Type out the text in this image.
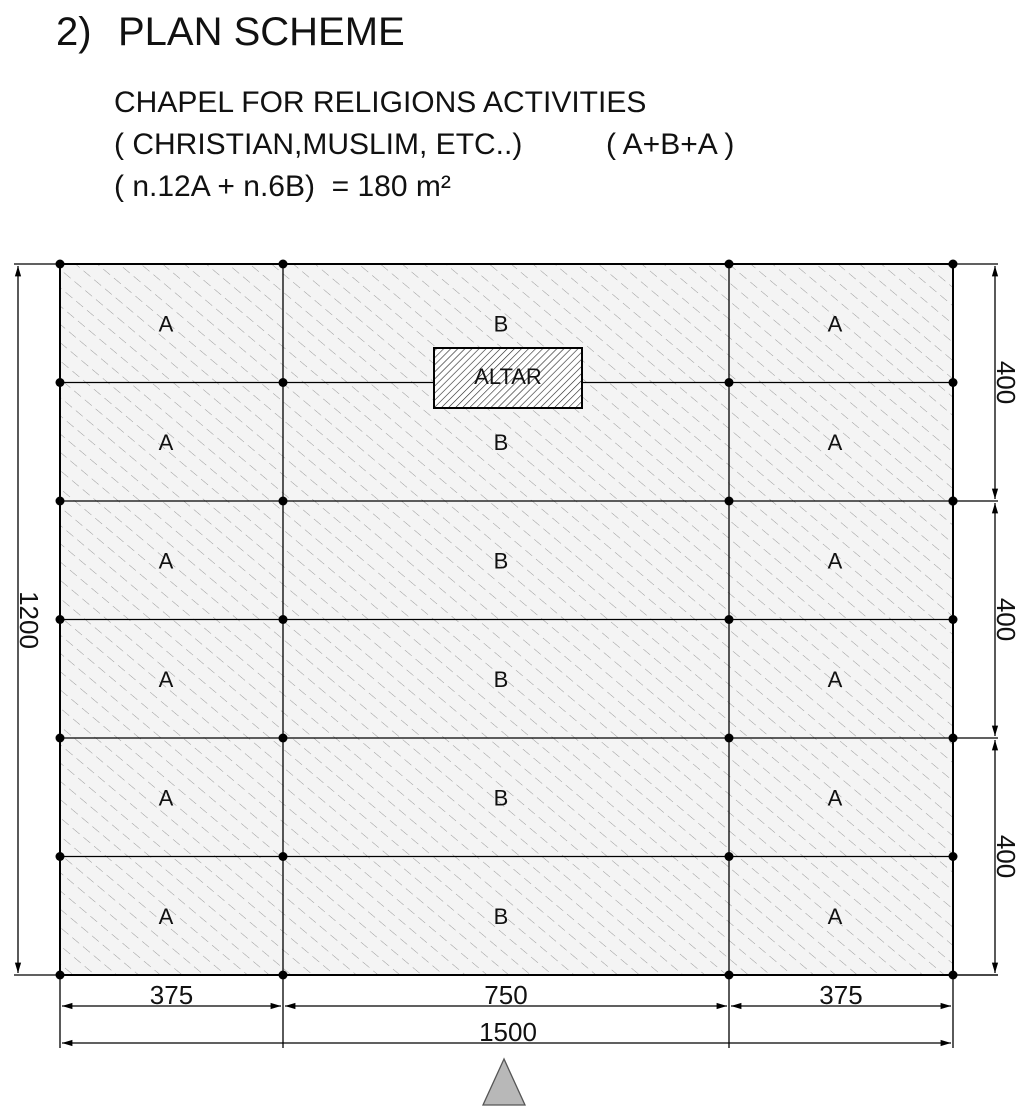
2) PLAN SCHEME
CHAPEL FOR RELIGIONS ACTIVITIES
( CHRISTIAN,MUSLIM, ETC..)	( A+B+A )
( n.12A + n.6B)  = 180 m²
ALTAR
A	B	A
A	B	A
A	B	A
A	B	A
A	B	A
A	B	A
1200
400
400
400
375	750	375
1500
